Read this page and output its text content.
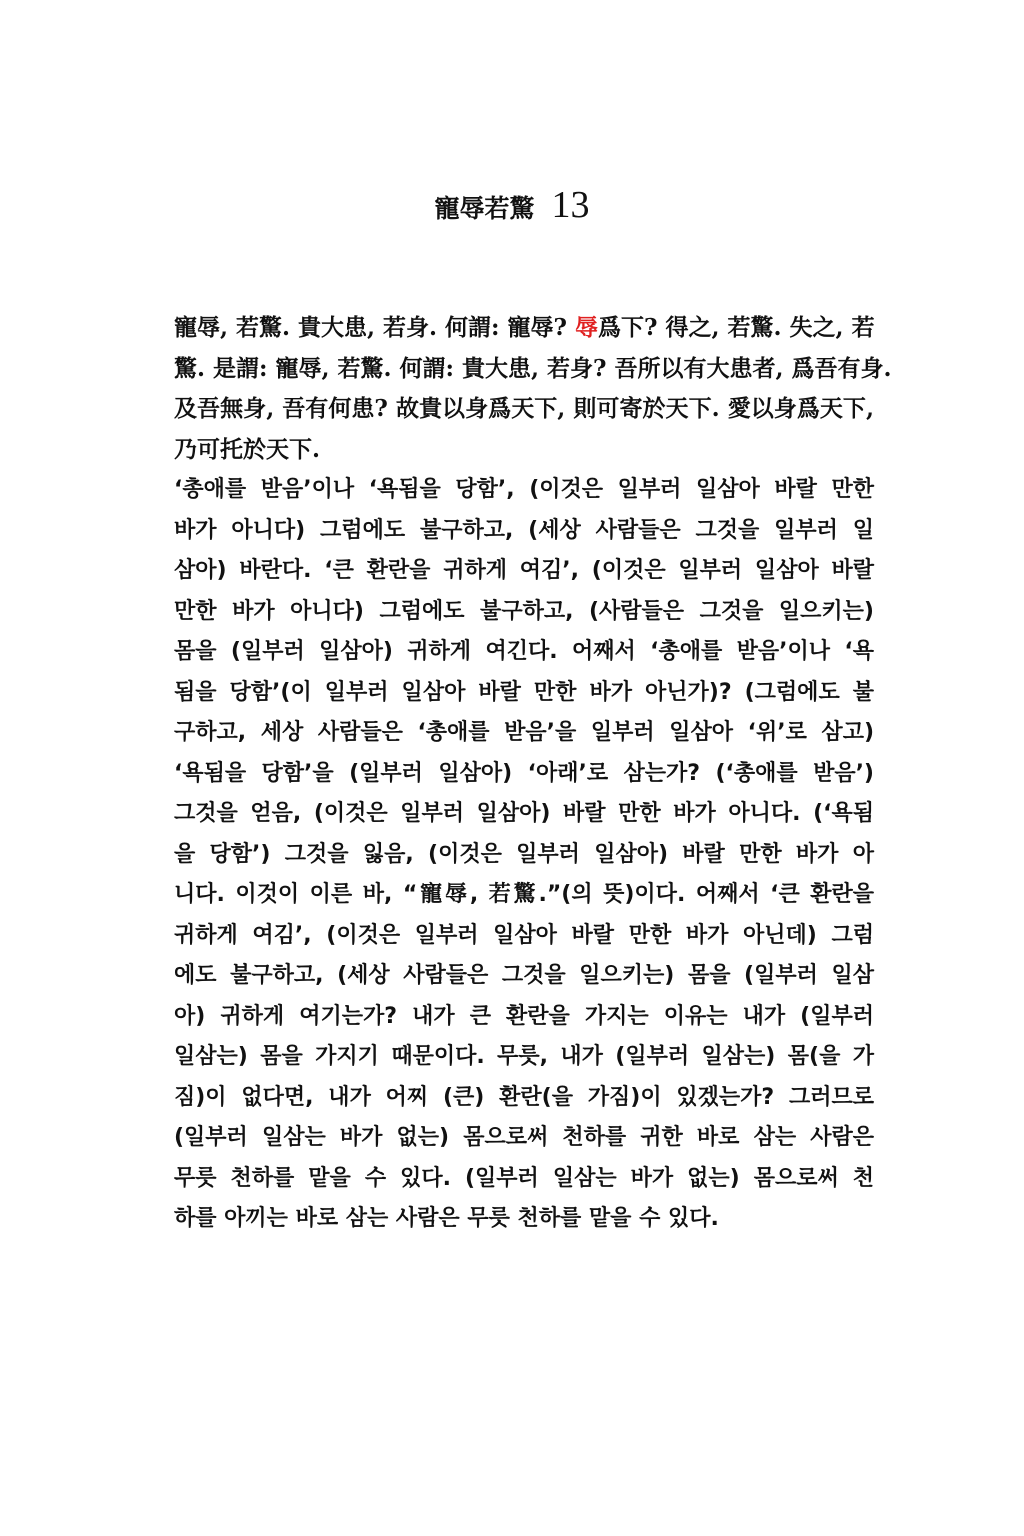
寵辱若驚 13
寵辱, 若驚. 貴大患, 若身. 何謂: 寵辱? 辱爲下? 得之, 若驚. 失之, 若
驚. 是謂: 寵辱, 若驚. 何謂: 貴大患, 若身? 吾所以有大患者, 爲吾有身.
及吾無身, 吾有何患? 故貴以身爲天下, 則可寄於天下. 愛以身爲天下,
乃可托於天下.
‘총애를 받음’이나 ‘욕됨을 당함’, (이것은 일부러 일삼아 바랄 만한
바가 아니다) 그럼에도 불구하고, (세상 사람들은 그것을 일부러 일
삼아) 바란다. ‘큰 환란을 귀하게 여김’, (이것은 일부러 일삼아 바랄
만한 바가 아니다) 그럼에도 불구하고, (사람들은 그것을 일으키는)
몸을 (일부러 일삼아) 귀하게 여긴다. 어째서 ‘총애를 받음’이나 ‘욕
됨을 당함’(이 일부러 일삼아 바랄 만한 바가 아닌가)? (그럼에도 불
구하고, 세상 사람들은 ‘총애를 받음’을 일부러 일삼아 ‘위’로 삼고)
‘욕됨을 당함’을 (일부러 일삼아) ‘아래’로 삼는가? (‘총애를 받음’)
그것을 얻음, (이것은 일부러 일삼아) 바랄 만한 바가 아니다. (‘욕됨
을 당함’) 그것을 잃음, (이것은 일부러 일삼아) 바랄 만한 바가 아
니다. 이것이 이른 바, “寵辱, 若驚.”(의 뜻)이다. 어째서 ‘큰 환란을
귀하게 여김’, (이것은 일부러 일삼아 바랄 만한 바가 아닌데) 그럼
에도 불구하고, (세상 사람들은 그것을 일으키는) 몸을 (일부러 일삼
아) 귀하게 여기는가? 내가 큰 환란을 가지는 이유는 내가 (일부러
일삼는) 몸을 가지기 때문이다. 무릇, 내가 (일부러 일삼는) 몸(을 가
짐)이 없다면, 내가 어찌 (큰) 환란(을 가짐)이 있겠는가? 그러므로
(일부러 일삼는 바가 없는) 몸으로써 천하를 귀한 바로 삼는 사람은
무릇 천하를 맡을 수 있다. (일부러 일삼는 바가 없는) 몸으로써 천
하를 아끼는 바로 삼는 사람은 무릇 천하를 맡을 수 있다.
